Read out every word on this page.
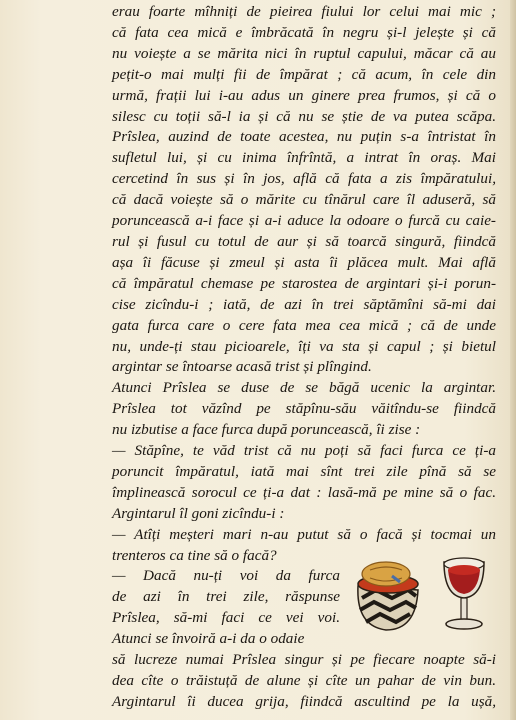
erau foarte mîhniți de pieirea fiului lor celui mai mic ;
că fata cea mică e îmbrăcată în negru și-l jelește și că
nu voiește a se mărita nici în ruptul capului, măcar că au
pețit-o mai mulți fii de împărat ; că acum, în cele din
urmă, frații lui i-au adus un ginere prea frumos, și că o
silesc cu toții să-l ia și că nu se știe de va putea scăpa.
Prîslea, auzind de toate acestea, nu puțin s-a întristat în
sufletul lui, și cu inima înfrîntă, a intrat în oraș. Mai
cercetind în sus și în jos, află că fata a zis împăratului,
că dacă voiește să o mărite cu tînărul care îl aduseră, să
poruncească a-i face și a-i aduce la odoare o furcă cu caie-
rul și fusul cu totul de aur și să toarcă singură, fiindcă
așa îi făcuse și zmeul și asta îi plăcea mult. Mai află
că împăratul chemase pe starostea de argintari și-i porun-
cise zicîndu-i ; iată, de azi în trei săptămîni să-mi dai
gata furca care o cere fata mea cea mică ; că de unde
nu, unde-ți stau picioarele, îți va sta și capul ; și bietul
argintar se întoarse acasă trist și plîngind.
Atunci Prîslea se duse de se băgă ucenic la argintar.
Prîslea tot văzînd pe stăpînu-său văitîndu-se fiindcă
nu izbutise a face furca după poruncească, îi zise :
— Stăpîne, te văd trist că nu poți să faci furca ce ți-a
poruncit împăratul, iată mai sînt trei zile pînă să se
împlinească sorocul ce ți-a dat : lasă-mă pe mine să o fac.
Argintarul îl goni zicîndu-i :
— Atîți meșteri mari n-au putut să o facă și tocmai un
trenteros ca tine să o facă?
— Dacă nu-ți voi da furca
de azi în trei zile, răspunse
Prîslea, să-mi faci ce vei voi.
Atunci se învoiră a-i da o odaie
să lucreze numai Prîslea singur și pe fiecare noapte să-i
dea cîte o trăistuță de alune și cîte un pahar de vin bun.
Argintarul îi ducea grija, fiindcă ascultind pe la ușă,
